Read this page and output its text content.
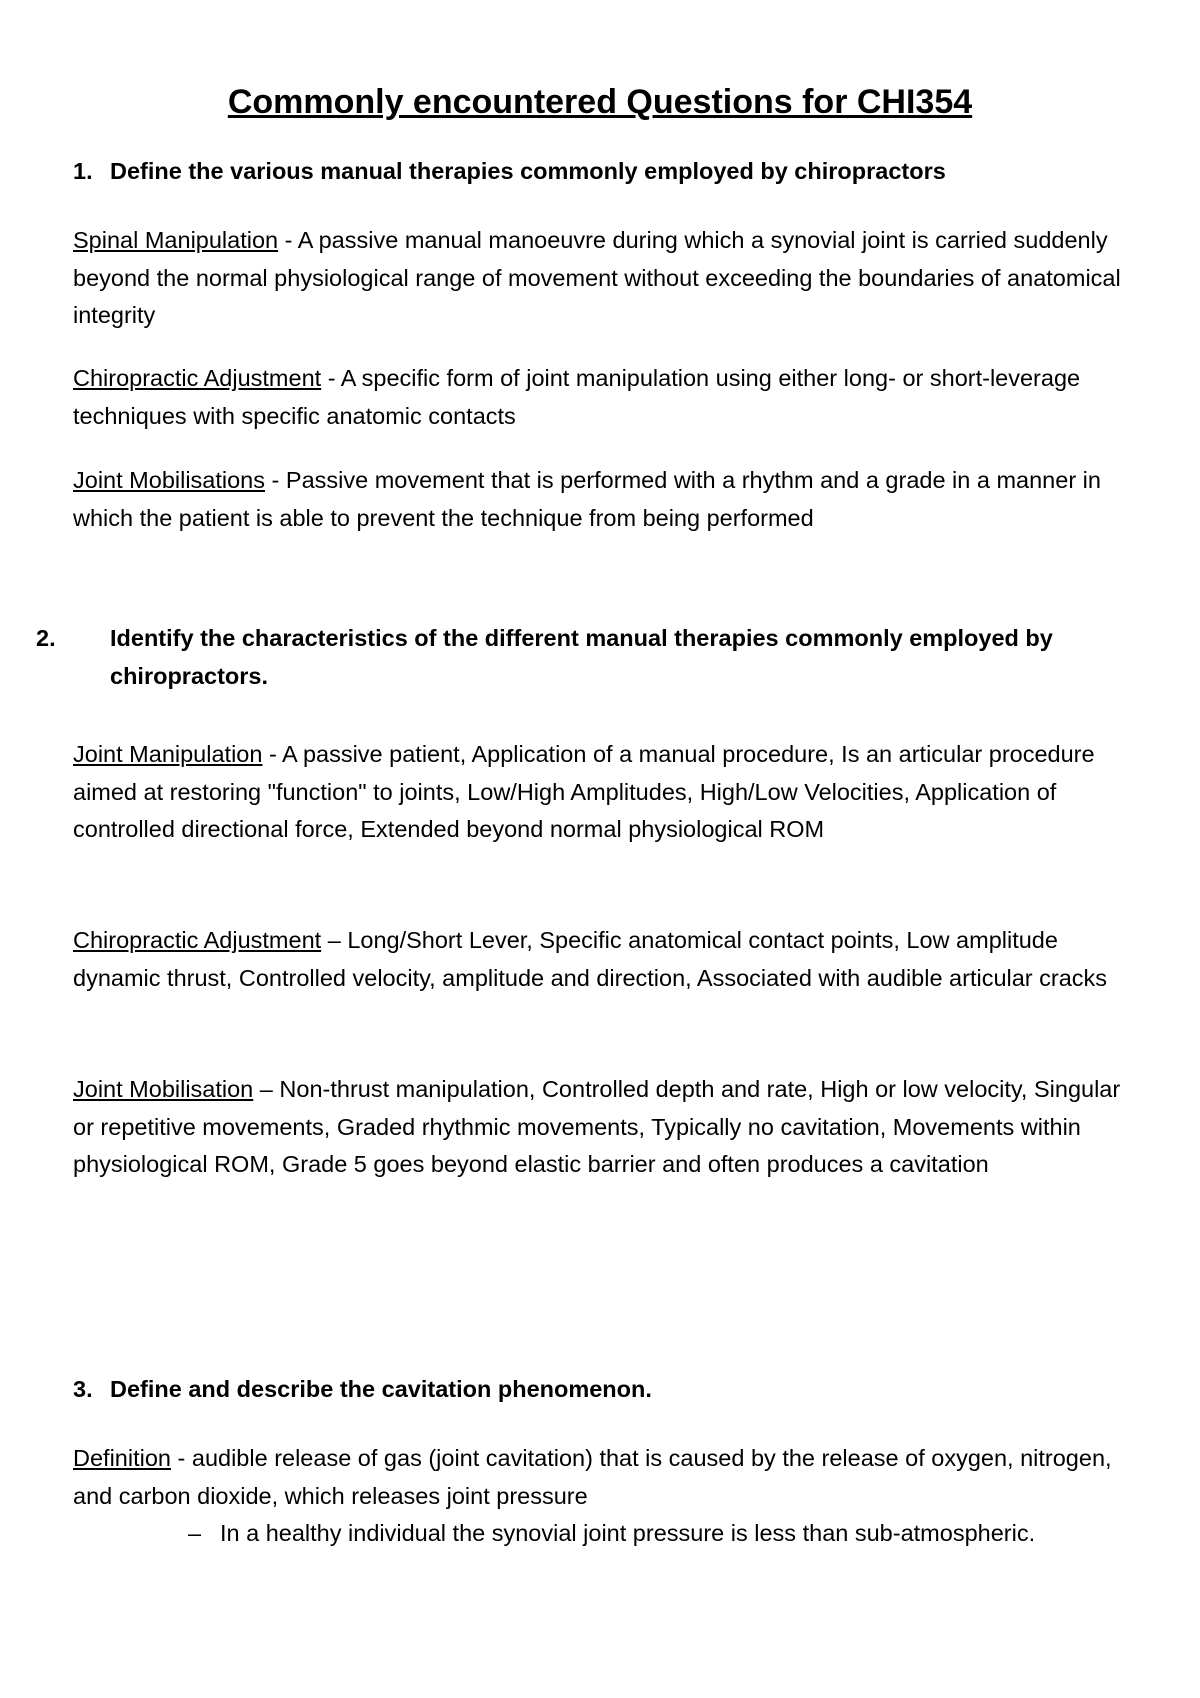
Commonly encountered Questions for CHI354
1. Define the various manual therapies commonly employed by chiropractors
Spinal Manipulation - A passive manual manoeuvre during which a synovial joint is carried suddenly beyond the normal physiological range of movement without exceeding the boundaries of anatomical integrity
Chiropractic Adjustment - A specific form of joint manipulation using either long- or short-leverage techniques with specific anatomic contacts
Joint Mobilisations - Passive movement that is performed with a rhythm and a grade in a manner in which the patient is able to prevent the technique from being performed
2. Identify the characteristics of the different manual therapies commonly employed by chiropractors.
Joint Manipulation - A passive patient, Application of a manual procedure, Is an articular procedure aimed at restoring "function" to joints, Low/High Amplitudes, High/Low Velocities, Application of controlled directional force, Extended beyond normal physiological ROM
Chiropractic Adjustment – Long/Short Lever, Specific anatomical contact points, Low amplitude dynamic thrust, Controlled velocity, amplitude and direction, Associated with audible articular cracks
Joint Mobilisation – Non-thrust manipulation, Controlled depth and rate, High or low velocity, Singular or repetitive movements, Graded rhythmic movements, Typically no cavitation, Movements within physiological ROM, Grade 5 goes beyond elastic barrier and often produces a cavitation
3. Define and describe the cavitation phenomenon.
Definition - audible release of gas (joint cavitation) that is caused by the release of oxygen, nitrogen, and carbon dioxide, which releases joint pressure
– In a healthy individual the synovial joint pressure is less than sub-atmospheric.
